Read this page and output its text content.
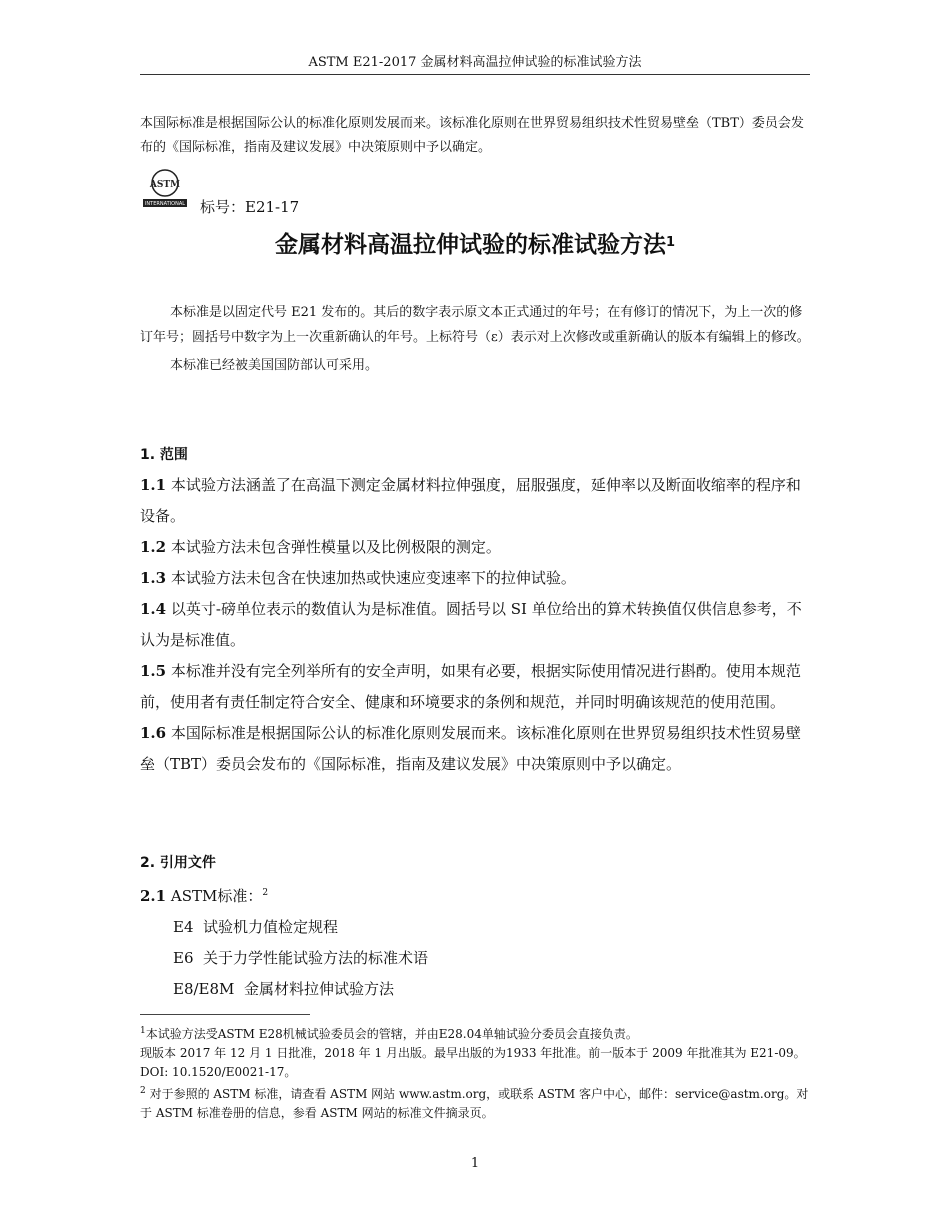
ASTM E21-2017 金属材料高温拉伸试验的标准试验方法
本国际标准是根据国际公认的标准化原则发展而来。该标准化原则在世界贸易组织技术性贸易壁垒（TBT）委员会发布的《国际标准，指南及建议发展》中决策原则中予以确定。
ASTM
INTERNATIONAL 标号：E21-17
金属材料高温拉伸试验的标准试验方法$^1$

本标准是以固定代号 E21 发布的。其后的数字表示原文本正式通过的年号；在有修订的情况下，为上一次的修订年号；圆括号中数字为上一次重新确认的年号。上标符号（ε）表示对上次修改或重新确认的版本有编辑上的修改。

本标准已经被美国国防部认可采用。

1. 范围

1.1 本试验方法涵盖了在高温下测定金属材料拉伸强度，屈服强度，延伸率以及断面收缩率的程序和设备。

1.2 本试验方法未包含弹性模量以及比例极限的测定。

1.3 本试验方法未包含在快速加热或快速应变速率下的拉伸试验。

1.4 以英寸-磅单位表示的数值认为是标准值。圆括号以 SI 单位给出的算术转换值仅供信息参考，不认为是标准值。

1.5 本标准并没有完全列举所有的安全声明，如果有必要，根据实际使用情况进行斟酌。使用本规范前，使用者有责任制定符合安全、健康和环境要求的条例和规范，并同时明确该规范的使用范围。

1.6 本国际标准是根据国际公认的标准化原则发展而来。该标准化原则在世界贸易组织技术性贸易壁垒（TBT）委员会发布的《国际标准，指南及建议发展》中决策原则中予以确定。

2. 引用文件

2.1 ASTM标准：$^2$

E4 试验机力值检定规程
E6 关于力学性能试验方法的标准术语
E8/E8M 金属材料拉伸试验方法

$^1$本试验方法受ASTM E28机械试验委员会的管辖，并由E28.04单轴试验分委员会直接负责。

现版本 2017 年 12 月 1 日批准，2018 年 1 月出版。最早出版的为1933 年批准。前一版本于 2009 年批准其为 E21-09。DOI: 10.1520/E0021-17。

$^2$ 对于参照的 ASTM 标准，请查看 ASTM 网站 www.astm.org，或联系 ASTM 客户中心，邮件：service@astm.org。对于 ASTM 标准卷册的信息，参看 ASTM 网站的标准文件摘录页。

1
